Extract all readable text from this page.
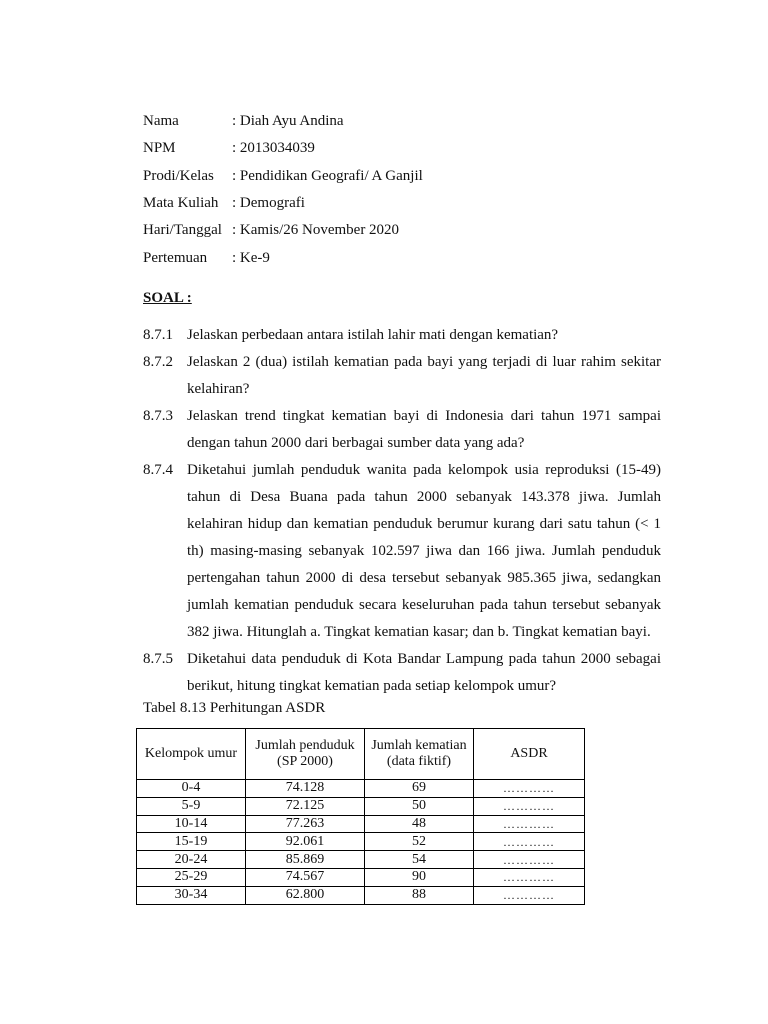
Nama	: Diah Ayu Andina
NPM	: 2013034039
Prodi/Kelas	: Pendidikan Geografi/ A Ganjil
Mata Kuliah : Demografi
Hari/Tanggal : Kamis/26 November 2020
Pertemuan	: Ke-9
SOAL :
8.7.1 Jelaskan perbedaan antara istilah lahir mati dengan kematian?
8.7.2 Jelaskan 2 (dua) istilah kematian pada bayi yang terjadi di luar rahim sekitar kelahiran?
8.7.3 Jelaskan trend tingkat kematian bayi di Indonesia dari tahun 1971 sampai dengan tahun 2000 dari berbagai sumber data yang ada?
8.7.4 Diketahui jumlah penduduk wanita pada kelompok usia reproduksi (15-49) tahun di Desa Buana pada tahun 2000 sebanyak 143.378 jiwa. Jumlah kelahiran hidup dan kematian penduduk berumur kurang dari satu tahun (< 1 th) masing-masing sebanyak 102.597 jiwa dan 166 jiwa. Jumlah penduduk pertengahan tahun 2000 di desa tersebut sebanyak 985.365 jiwa, sedangkan jumlah kematian penduduk secara keseluruhan pada tahun tersebut sebanyak 382 jiwa. Hitunglah a. Tingkat kematian kasar; dan b. Tingkat kematian bayi.
8.7.5 Diketahui data penduduk di Kota Bandar Lampung pada tahun 2000 sebagai berikut, hitung tingkat kematian pada setiap kelompok umur?
Tabel 8.13 Perhitungan ASDR
Kelompok umur	Jumlah penduduk (SP 2000)	Jumlah kematian (data fiktif)	ASDR
0-4	74.128	69	…………
5-9	72.125	50	…………
10-14	77.263	48	…………
15-19	92.061	52	…………
20-24	85.869	54	…………
25-29	74.567	90	…………
30-34	62.800	88	…………
